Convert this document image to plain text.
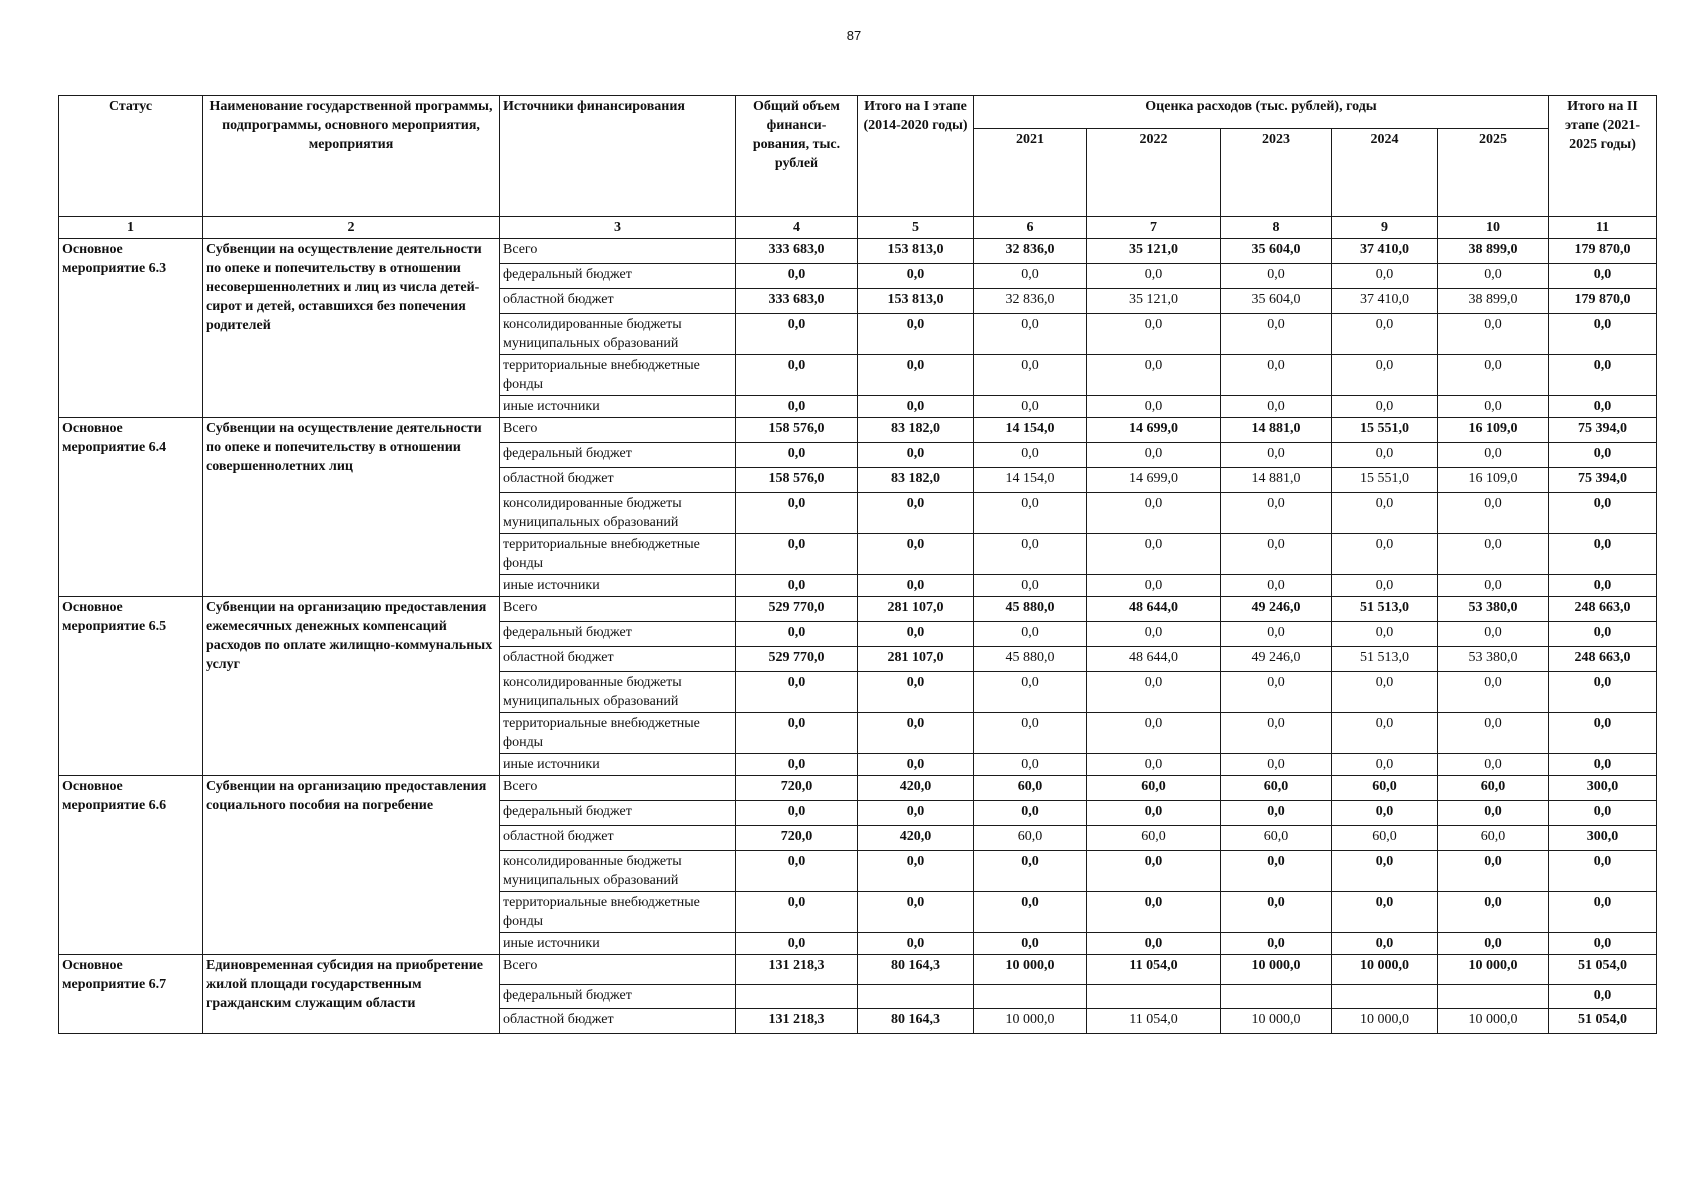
87
Статус	Наименование государственной программы, подпрограммы, основного мероприятия, мероприятия	Источники финансирования	Общий объем финанси-рования, тыс. рублей	Итого на I этапе (2014-2020 годы)	Оценка расходов (тыс. рублей), годы					Итого на II этапе (2021-2025 годы)
					2021	2022	2023	2024	2025	
1	2	3	4	5	6	7	8	9	10	11
Основное мероприятие 6.3	Субвенции на осуществление деятельности по опеке и попечительству в отношении несовершеннолетних и лиц из числа детей-сирот и детей, оставшихся без попечения родителей	Всего	333 683,0	153 813,0	32 836,0	35 121,0	35 604,0	37 410,0	38 899,0	179 870,0
		федеральный бюджет	0,0	0,0	0,0	0,0	0,0	0,0	0,0	0,0
		областной бюджет	333 683,0	153 813,0	32 836,0	35 121,0	35 604,0	37 410,0	38 899,0	179 870,0
		консолидированные бюджеты муниципальных образований	0,0	0,0	0,0	0,0	0,0	0,0	0,0	0,0
		территориальные внебюджетные фонды	0,0	0,0	0,0	0,0	0,0	0,0	0,0	0,0
		иные источники	0,0	0,0	0,0	0,0	0,0	0,0	0,0	0,0
Основное мероприятие 6.4	Субвенции на осуществление деятельности по опеке и попечительству в отношении совершеннолетних лиц	Всего	158 576,0	83 182,0	14 154,0	14 699,0	14 881,0	15 551,0	16 109,0	75 394,0
		федеральный бюджет	0,0	0,0	0,0	0,0	0,0	0,0	0,0	0,0
		областной бюджет	158 576,0	83 182,0	14 154,0	14 699,0	14 881,0	15 551,0	16 109,0	75 394,0
		консолидированные бюджеты муниципальных образований	0,0	0,0	0,0	0,0	0,0	0,0	0,0	0,0
		территориальные внебюджетные фонды	0,0	0,0	0,0	0,0	0,0	0,0	0,0	0,0
		иные источники	0,0	0,0	0,0	0,0	0,0	0,0	0,0	0,0
Основное мероприятие 6.5	Субвенции на организацию предоставления ежемесячных денежных компенсаций расходов по оплате жилищно-коммунальных услуг	Всего	529 770,0	281 107,0	45 880,0	48 644,0	49 246,0	51 513,0	53 380,0	248 663,0
		федеральный бюджет	0,0	0,0	0,0	0,0	0,0	0,0	0,0	0,0
		областной бюджет	529 770,0	281 107,0	45 880,0	48 644,0	49 246,0	51 513,0	53 380,0	248 663,0
		консолидированные бюджеты муниципальных образований	0,0	0,0	0,0	0,0	0,0	0,0	0,0	0,0
		территориальные внебюджетные фонды	0,0	0,0	0,0	0,0	0,0	0,0	0,0	0,0
		иные источники	0,0	0,0	0,0	0,0	0,0	0,0	0,0	0,0
Основное мероприятие 6.6	Субвенции на организацию предоставления социального пособия на погребение	Всего	720,0	420,0	60,0	60,0	60,0	60,0	60,0	300,0
		федеральный бюджет	0,0	0,0	0,0	0,0	0,0	0,0	0,0	0,0
		областной бюджет	720,0	420,0	60,0	60,0	60,0	60,0	60,0	300,0
		консолидированные бюджеты муниципальных образований	0,0	0,0	0,0	0,0	0,0	0,0	0,0	0,0
		территориальные внебюджетные фонды	0,0	0,0	0,0	0,0	0,0	0,0	0,0	0,0
		иные источники	0,0	0,0	0,0	0,0	0,0	0,0	0,0	0,0
Основное мероприятие 6.7	Единовременная субсидия на приобретение жилой площади государственным гражданским служащим области	Всего	131 218,3	80 164,3	10 000,0	11 054,0	10 000,0	10 000,0	10 000,0	51 054,0
		федеральный бюджет								0,0
		областной бюджет	131 218,3	80 164,3	10 000,0	11 054,0	10 000,0	10 000,0	10 000,0	51 054,0
